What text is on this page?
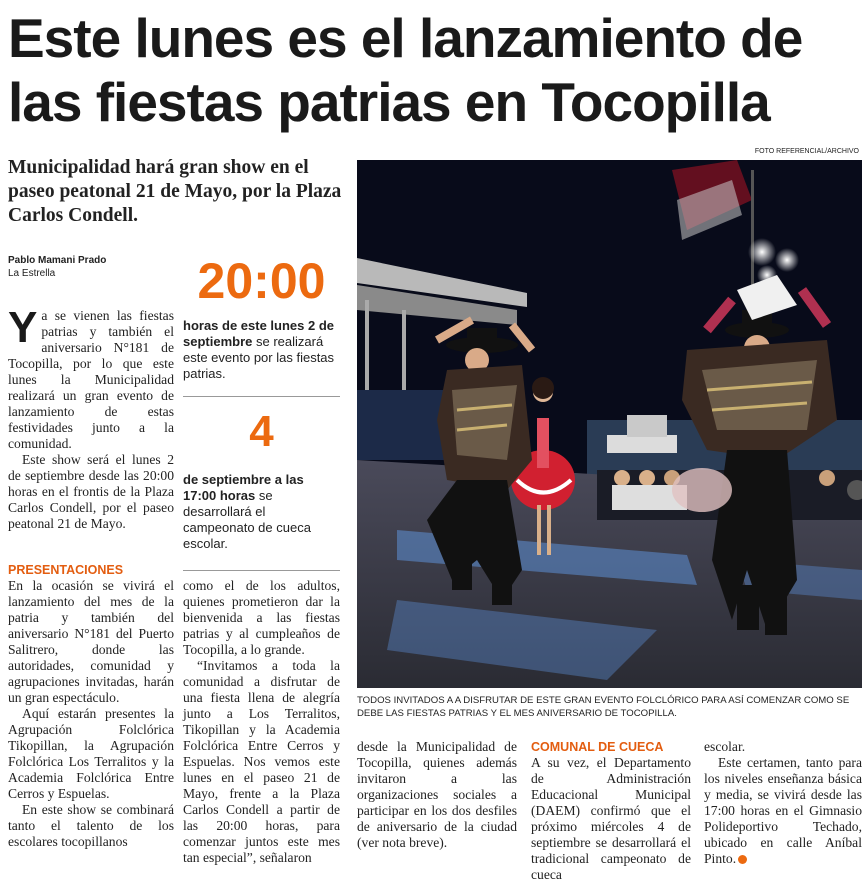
Este lunes es el lanzamiento de las fiestas patrias en Tocopilla
FOTO REFERENCIAL/ARCHIVO
Municipalidad hará gran show en el paseo peatonal 21 de Mayo, por la Plaza Carlos Condell.
Pablo Mamani Prado
La Estrella

Ya se vienen las fiestas patrias y también el aniversario N°181 de Tocopilla, por lo que este lunes la Municipalidad realizará un gran evento de lanzamiento de estas festividades junto a la comunidad.

Este show será el lunes 2 de septiembre desde las 20:00 horas en el frontis de la Plaza Carlos Condell, por el paseo peatonal 21 de Mayo.

PRESENTACIONES

En la ocasión se vivirá el lanzamiento del mes de la patria y también del aniversario N°181 del Puerto Salitrero, donde las autoridades, comunidad y agrupaciones invitadas, harán un gran espectáculo.

Aquí estarán presentes la Agrupación Folclórica Tikopillan, la Agrupación Folclórica Los Terralitos y la Academia Folclórica Entre Cerros y Espuelas.

En este show se combinará tanto el talento de los escolares tocopillanos

20:00
horas de este lunes 2 de septiembre se realizará este evento por las fiestas patrias.
4
de septiembre a las 17:00 horas se desarrollará el campeonato de cueca escolar.

como el de los adultos, quienes prometieron dar la bienvenida a las fiestas patrias y al cumpleaños de Tocopilla, a lo grande.

“Invitamos a toda la comunidad a disfrutar de una fiesta llena de alegría junto a Los Terralitos, Tikopillan y la Academia Folclórica Entre Cerros y Espuelas. Nos vemos este lunes en el paseo 21 de Mayo, frente a la Plaza Carlos Condell a partir de las 20:00 horas, para comenzar juntos este mes tan especial”, señalaron

TODOS INVITADOS A A DISFRUTAR DE ESTE GRAN EVENTO FOLCLÓRICO PARA ASÍ COMENZAR COMO SE DEBE LAS FIESTAS PATRIAS Y EL MES ANIVERSARIO DE TOCOPILLA.

desde la Municipalidad de Tocopilla, quienes además invitaron a las organizaciones sociales a participar en los dos desfiles de aniversario de la ciudad (ver nota breve).

COMUNAL DE CUECA

A su vez, el Departamento de Administración Educacional Municipal (DAEM) confirmó que el próximo miércoles 4 de septiembre se desarrollará el tradicional campeonato de cueca

escolar.

Este certamen, tanto para los niveles enseñanza básica y media, se vivirá desde las 17:00 horas en el Gimnasio Polideportivo Techado, ubicado en calle Aníbal Pinto.
